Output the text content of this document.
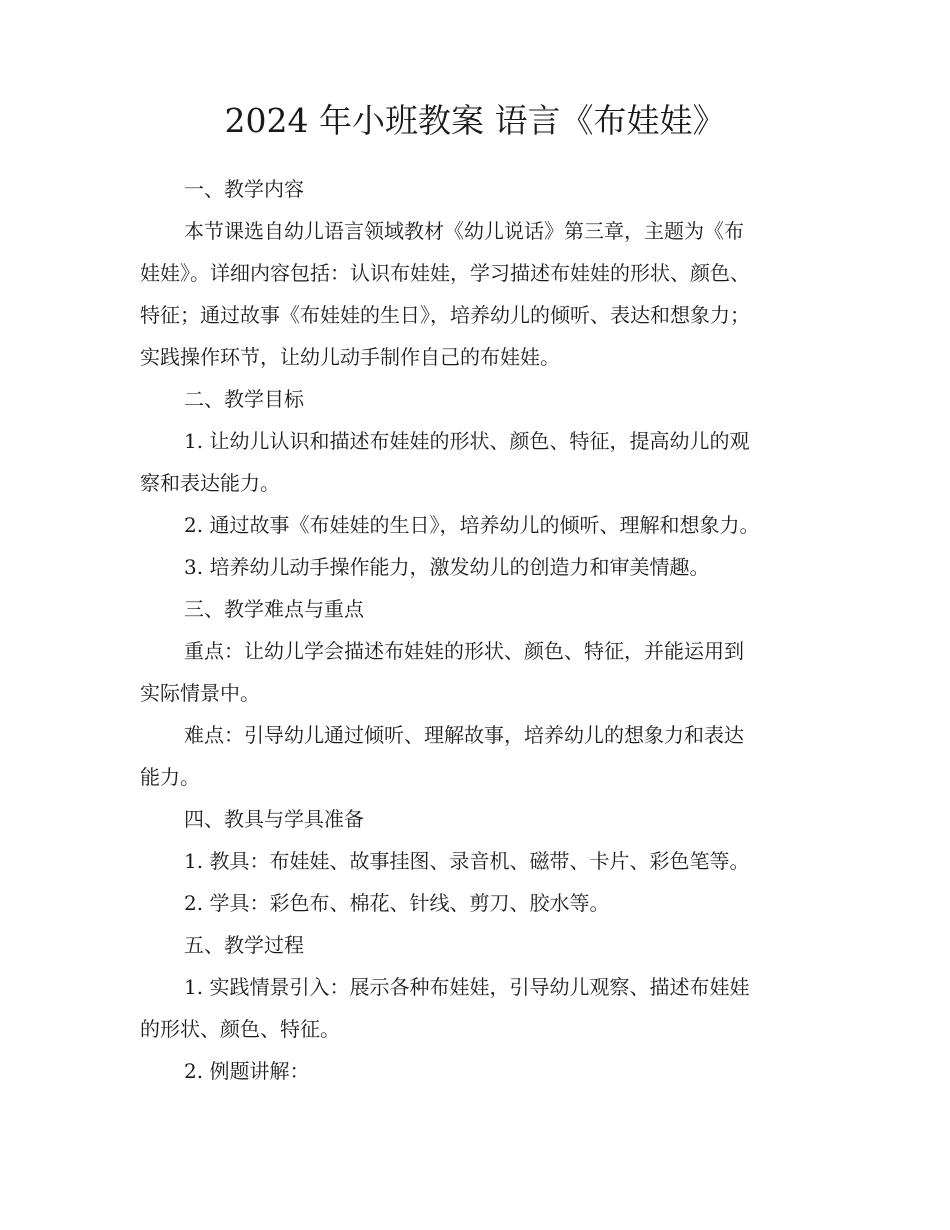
2024 年小班教案 语言《布娃娃》

一、教学内容

本节课选自幼儿语言领域教材《幼儿说话》第三章，主题为《布

娃娃》。详细内容包括：认识布娃娃，学习描述布娃娃的形状、颜色、

特征；通过故事《布娃娃的生日》，培养幼儿的倾听、表达和想象力；

实践操作环节，让幼儿动手制作自己的布娃娃。

二、教学目标

1. 让幼儿认识和描述布娃娃的形状、颜色、特征，提高幼儿的观

察和表达能力。

2. 通过故事《布娃娃的生日》，培养幼儿的倾听、理解和想象力。

3. 培养幼儿动手操作能力，激发幼儿的创造力和审美情趣。

三、教学难点与重点

重点：让幼儿学会描述布娃娃的形状、颜色、特征，并能运用到

实际情景中。

难点：引导幼儿通过倾听、理解故事，培养幼儿的想象力和表达

能力。

四、教具与学具准备

1. 教具：布娃娃、故事挂图、录音机、磁带、卡片、彩色笔等。

2. 学具：彩色布、棉花、针线、剪刀、胶水等。

五、教学过程

1. 实践情景引入：展示各种布娃娃，引导幼儿观察、描述布娃娃

的形状、颜色、特征。

2. 例题讲解：
